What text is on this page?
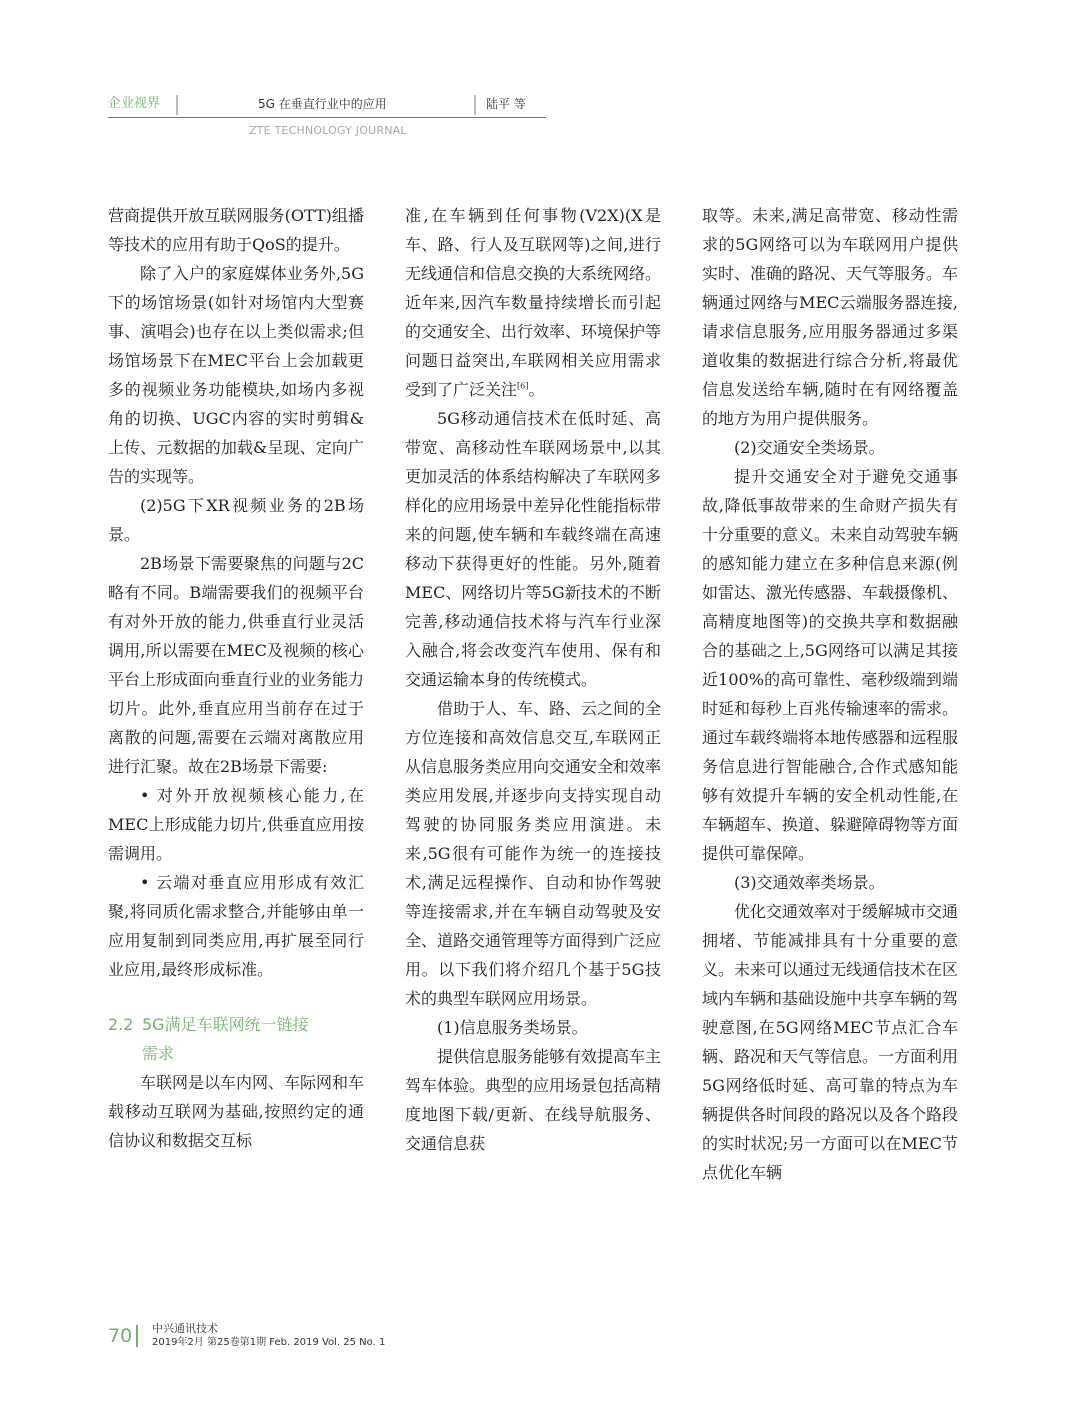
企业视界	5G 在垂直行业中的应用	陆平 等
ZTE TECHNOLOGY JOURNAL

营商提供开放互联网服务(OTT)组播等技术的应用有助于QoS的提升。

除了入户的家庭媒体业务外,5G下的场馆场景(如针对场馆内大型赛事、演唱会)也存在以上类似需求;但场馆场景下在MEC平台上会加载更多的视频业务功能模块,如场内多视角的切换、UGC内容的实时剪辑&上传、元数据的加载&呈现、定向广告的实现等。

(2)5G下XR视频业务的2B场景。

2B场景下需要聚焦的问题与2C略有不同。B端需要我们的视频平台有对外开放的能力,供垂直行业灵活调用,所以需要在MEC及视频的核心平台上形成面向垂直行业的业务能力切片。此外,垂直应用当前存在过于离散的问题,需要在云端对离散应用进行汇聚。故在2B场景下需要:

• 对外开放视频核心能力,在MEC上形成能力切片,供垂直应用按需调用。

• 云端对垂直应用形成有效汇聚,将同质化需求整合,并能够由单一应用复制到同类应用,再扩展至同行业应用,最终形成标准。

2.2 5G满足车联网统一链接
需求

车联网是以车内网、车际网和车载移动互联网为基础,按照约定的通信协议和数据交互标

准,在车辆到任何事物(V2X)(X是车、路、行人及互联网等)之间,进行无线通信和信息交换的大系统网络。近年来,因汽车数量持续增长而引起的交通安全、出行效率、环境保护等问题日益突出,车联网相关应用需求受到了广泛关注[6]。

5G移动通信技术在低时延、高带宽、高移动性车联网场景中,以其更加灵活的体系结构解决了车联网多样化的应用场景中差异化性能指标带来的问题,使车辆和车载终端在高速移动下获得更好的性能。另外,随着MEC、网络切片等5G新技术的不断完善,移动通信技术将与汽车行业深入融合,将会改变汽车使用、保有和交通运输本身的传统模式。

借助于人、车、路、云之间的全方位连接和高效信息交互,车联网正从信息服务类应用向交通安全和效率类应用发展,并逐步向支持实现自动驾驶的协同服务类应用演进。未来,5G很有可能作为统一的连接技术,满足远程操作、自动和协作驾驶等连接需求,并在车辆自动驾驶及安全、道路交通管理等方面得到广泛应用。以下我们将介绍几个基于5G技术的典型车联网应用场景。

(1)信息服务类场景。

提供信息服务能够有效提高车主驾车体验。典型的应用场景包括高精度地图下载/更新、在线导航服务、交通信息获

取等。未来,满足高带宽、移动性需求的5G网络可以为车联网用户提供实时、准确的路况、天气等服务。车辆通过网络与MEC云端服务器连接,请求信息服务,应用服务器通过多渠道收集的数据进行综合分析,将最优信息发送给车辆,随时在有网络覆盖的地方为用户提供服务。

(2)交通安全类场景。

提升交通安全对于避免交通事故,降低事故带来的生命财产损失有十分重要的意义。未来自动驾驶车辆的感知能力建立在多种信息来源(例如雷达、激光传感器、车载摄像机、高精度地图等)的交换共享和数据融合的基础之上,5G网络可以满足其接近100%的高可靠性、毫秒级端到端时延和每秒上百兆传输速率的需求。通过车载终端将本地传感器和远程服务信息进行智能融合,合作式感知能够有效提升车辆的安全机动性能,在车辆超车、换道、躲避障碍物等方面提供可靠保障。

(3)交通效率类场景。

优化交通效率对于缓解城市交通拥堵、节能减排具有十分重要的意义。未来可以通过无线通信技术在区域内车辆和基础设施中共享车辆的驾驶意图,在5G网络MEC节点汇合车辆、路况和天气等信息。一方面利用5G网络低时延、高可靠的特点为车辆提供各时间段的路况以及各个路段的实时状况;另一方面可以在MEC节点优化车辆

70 中兴通讯技术
2019年2月 第25卷第1期 Feb. 2019 Vol. 25 No. 1
